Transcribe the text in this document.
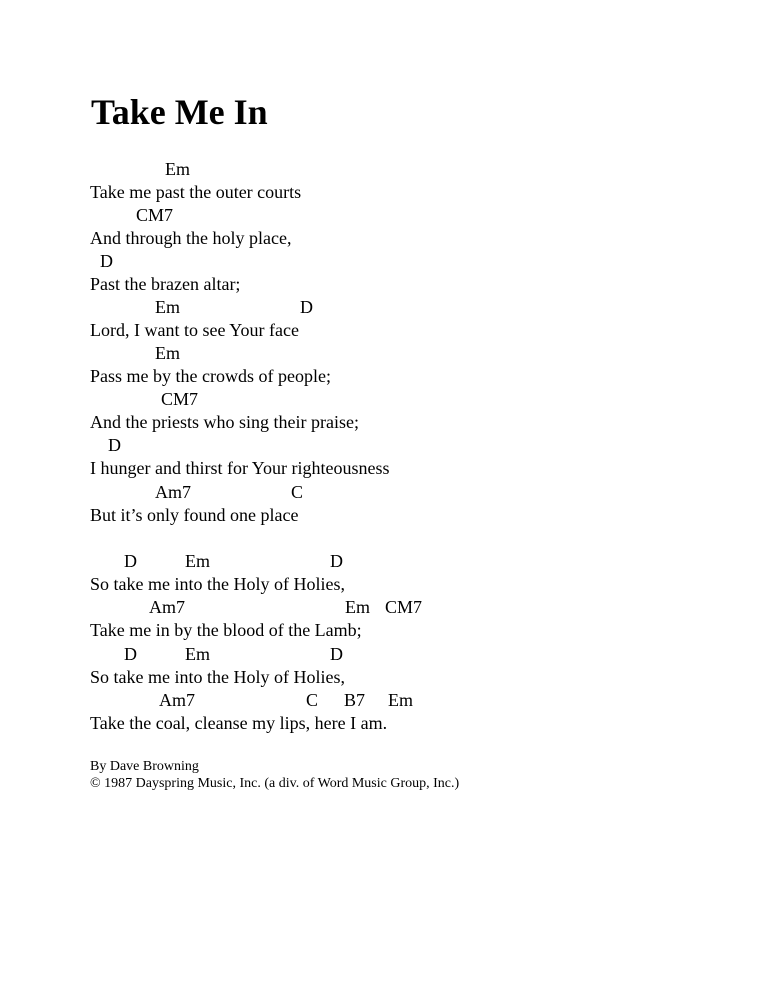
Take Me In
Em
Take me past the outer courts
CM7
And through the holy place,
D
Past the brazen altar;
Em	D
Lord, I want to see Your face
Em
Pass me by the crowds of people;
CM7
And the priests who sing their praise;
D
I hunger and thirst for Your righteousness
Am7	C
But it’s only found one place
D	Em	D
So take me into the Holy of Holies,
Am7	Em CM7
Take me in by the blood of the Lamb;
D	Em	D
So take me into the Holy of Holies,
Am7	C B7 Em
Take the coal, cleanse my lips, here I am.
By Dave Browning
© 1987 Dayspring Music, Inc. (a div. of Word Music Group, Inc.)
